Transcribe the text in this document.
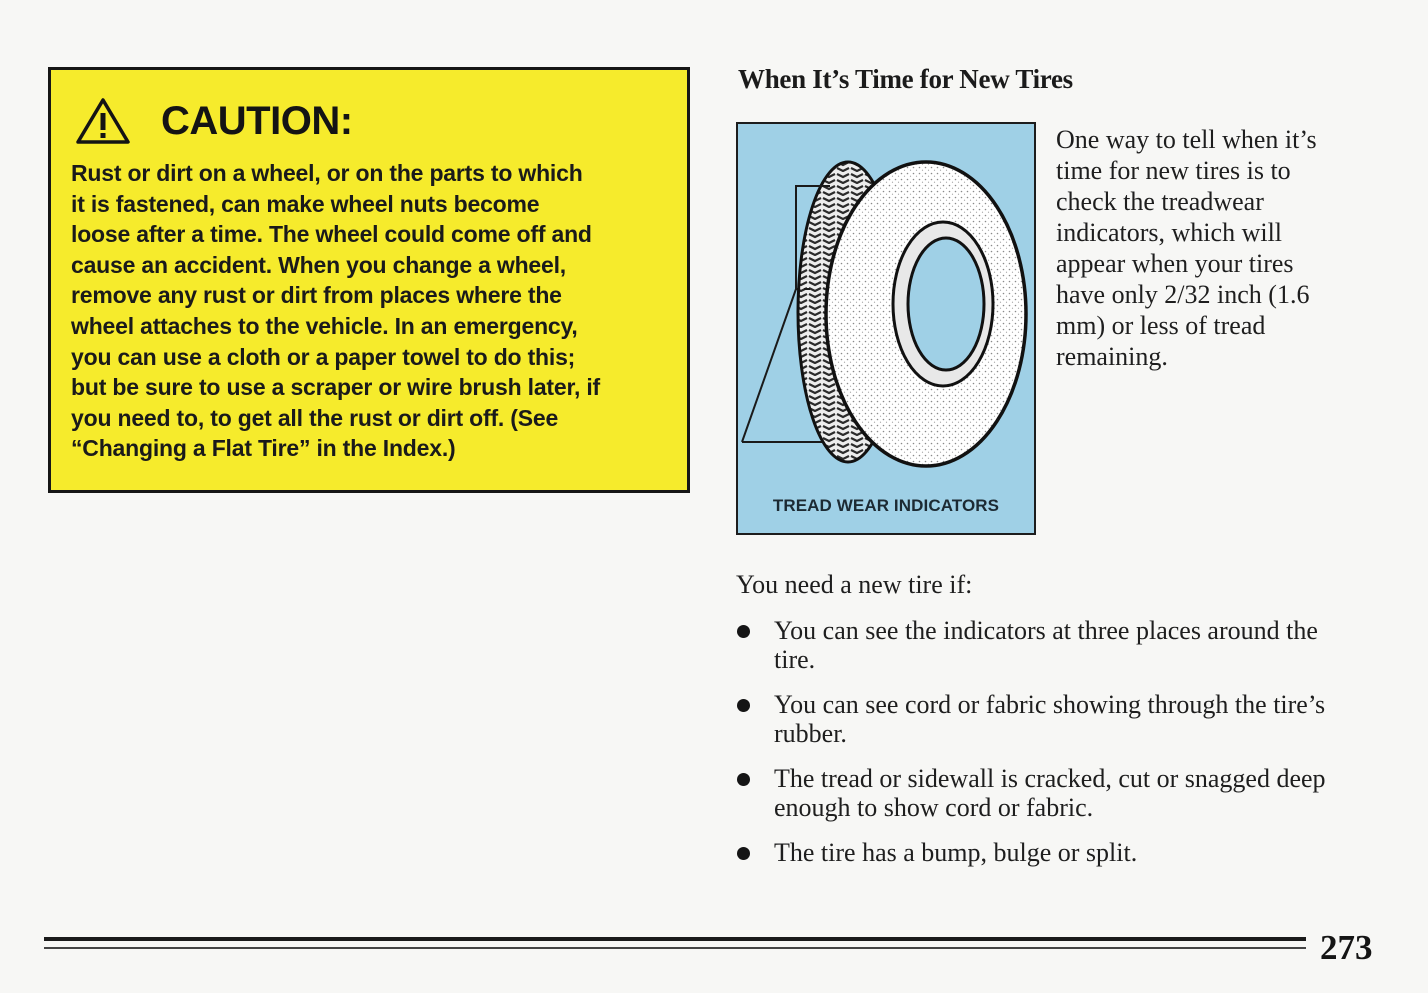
CAUTION:
Rust or dirt on a wheel, or on the parts to which
it is fastened, can make wheel nuts become
loose after a time. The wheel could come off and
cause an accident. When you change a wheel,
remove any rust or dirt from places where the
wheel attaches to the vehicle. In an emergency,
you can use a cloth or a paper towel to do this;
but be sure to use a scraper or wire brush later, if
you need to, to get all the rust or dirt off. (See
“Changing a Flat Tire” in the Index.)
When It’s Time for New Tires
TREAD WEAR INDICATORS
One way to tell when it’s
time for new tires is to
check the treadwear
indicators, which will
appear when your tires
have only 2/32 inch (1.6
mm) or less of tread
remaining.

You need a new tire if:

You can see the indicators at three places around the
tire.
You can see cord or fabric showing through the tire’s
rubber.
The tread or sidewall is cracked, cut or snagged deep
enough to show cord or fabric.
The tire has a bump, bulge or split.
273
